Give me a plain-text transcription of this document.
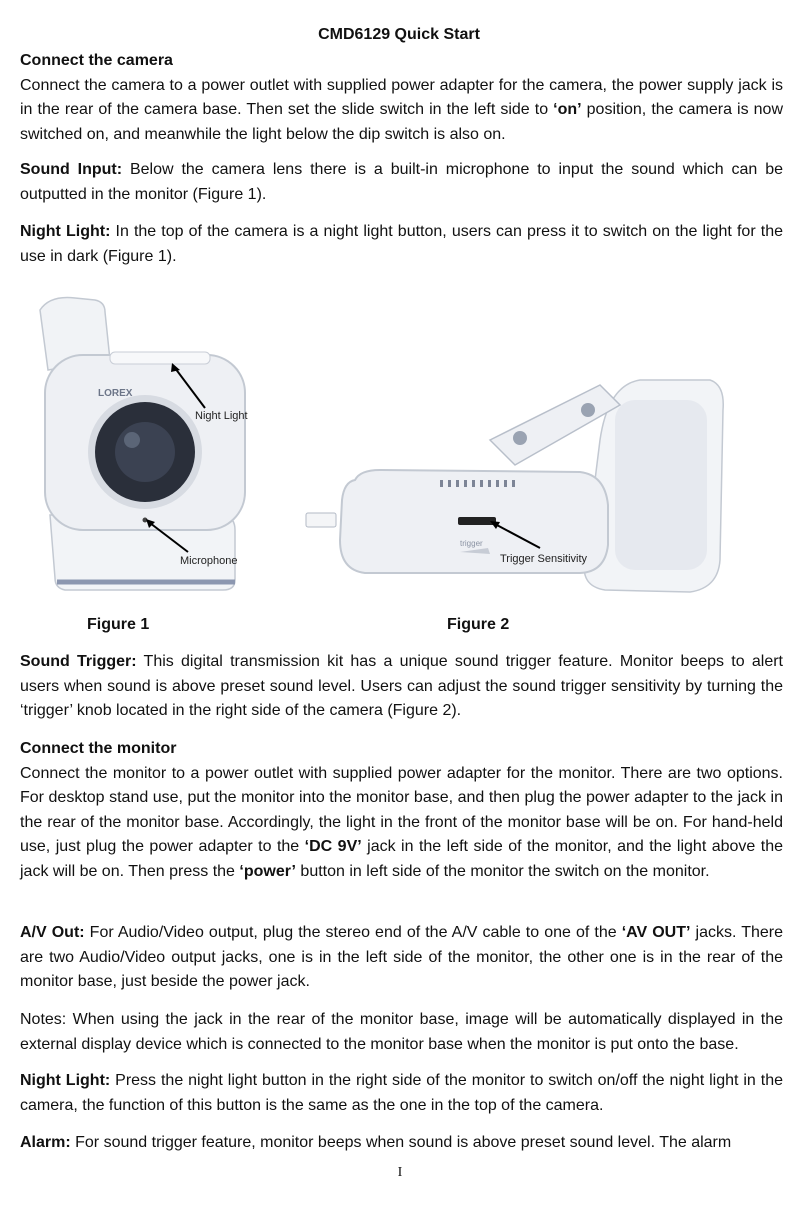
CMD6129 Quick Start
Connect the camera
Connect the camera to a power outlet with supplied power adapter for the camera, the power supply jack is in the rear of the camera base. Then set the slide switch in the left side to ‘on’ position, the camera is now switched on, and meanwhile the light below the dip switch is also on.
Sound Input: Below the camera lens there is a built-in microphone to input the sound which can be outputted in the monitor (Figure 1).
Night Light: In the top of the camera is a night light button, users can press it to switch on the light for the use in dark (Figure 1).
LOREX
Night Light
Microphone
trigger
Trigger Sensitivity
Figure 1	Figure 2
Sound Trigger: This digital transmission kit has a unique sound trigger feature. Monitor beeps to alert users when sound is above preset sound level. Users can adjust the sound trigger sensitivity by turning the ‘trigger’ knob located in the right side of the camera (Figure 2).
Connect the monitor
Connect the monitor to a power outlet with supplied power adapter for the monitor. There are two options. For desktop stand use, put the monitor into the monitor base, and then plug the power adapter to the jack in the rear of the monitor base. Accordingly, the light in the front of the monitor base will be on. For hand-held use, just plug the power adapter to the ‘DC 9V’ jack in the left side of the monitor, and the light above the jack will be on. Then press the ‘power’ button in left side of the monitor the switch on the monitor.
A/V Out: For Audio/Video output, plug the stereo end of the A/V cable to one of the ‘AV OUT’ jacks. There are two Audio/Video output jacks, one is in the left side of the monitor, the other one is in the rear of the monitor base, just beside the power jack.
Notes: When using the jack in the rear of the monitor base, image will be automatically displayed in the external display device which is connected to the monitor base when the monitor is put onto the base.
Night Light: Press the night light button in the right side of the monitor to switch on/off the night light in the camera, the function of this button is the same as the one in the top of the camera.
Alarm: For sound trigger feature, monitor beeps when sound is above preset sound level. The alarm
I
